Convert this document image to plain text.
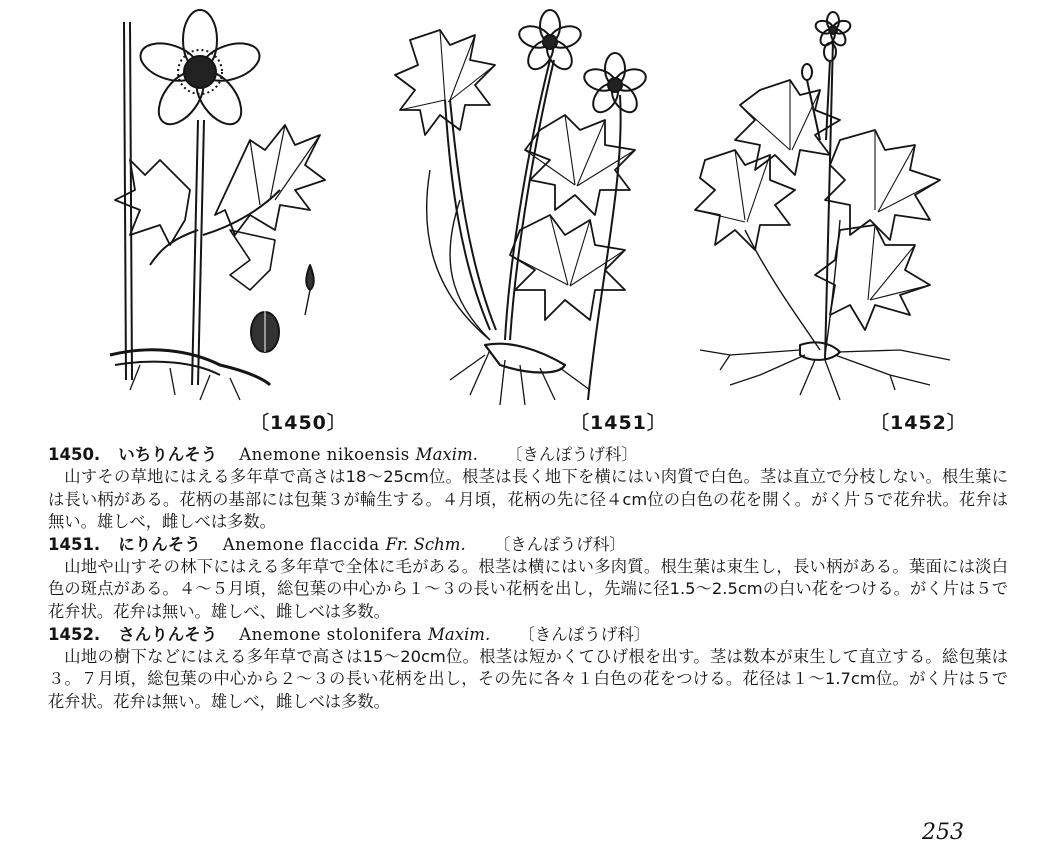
〔1450〕	〔1451〕	〔1452〕
1450. いちりんそう Anemone nikoensis Maxim. 〔きんぽうげ科〕

山すその草地にはえる多年草で高さは18〜25cm位。根茎は長く地下を横にはい肉質で白色。茎は直立で分枝しない。根生葉には長い柄がある。花柄の基部には包葉３が輪生する。４月頃，花柄の先に径４cm位の白色の花を開く。がく片５で花弁状。花弁は無い。雄しべ，雌しべは多数。

1451. にりんそう Anemone flaccida Fr. Schm. 〔きんぽうげ科〕

山地や山すその林下にはえる多年草で全体に毛がある。根茎は横にはい多肉質。根生葉は束生し，長い柄がある。葉面には淡白色の斑点がある。４〜５月頃，総包葉の中心から１〜３の長い花柄を出し，先端に径1.5〜2.5cmの白い花をつける。がく片は５で花弁状。花弁は無い。雄しべ、雌しべは多数。

1452. さんりんそう Anemone stolonifera Maxim. 〔きんぽうげ科〕

山地の樹下などにはえる多年草で高さは15〜20cm位。根茎は短かくてひげ根を出す。茎は数本が束生して直立する。総包葉は３。７月頃，総包葉の中心から２〜３の長い花柄を出し，その先に各々１白色の花をつける。花径は１〜1.7cm位。がく片は５で花弁状。花弁は無い。雄しべ，雌しべは多数。

253
